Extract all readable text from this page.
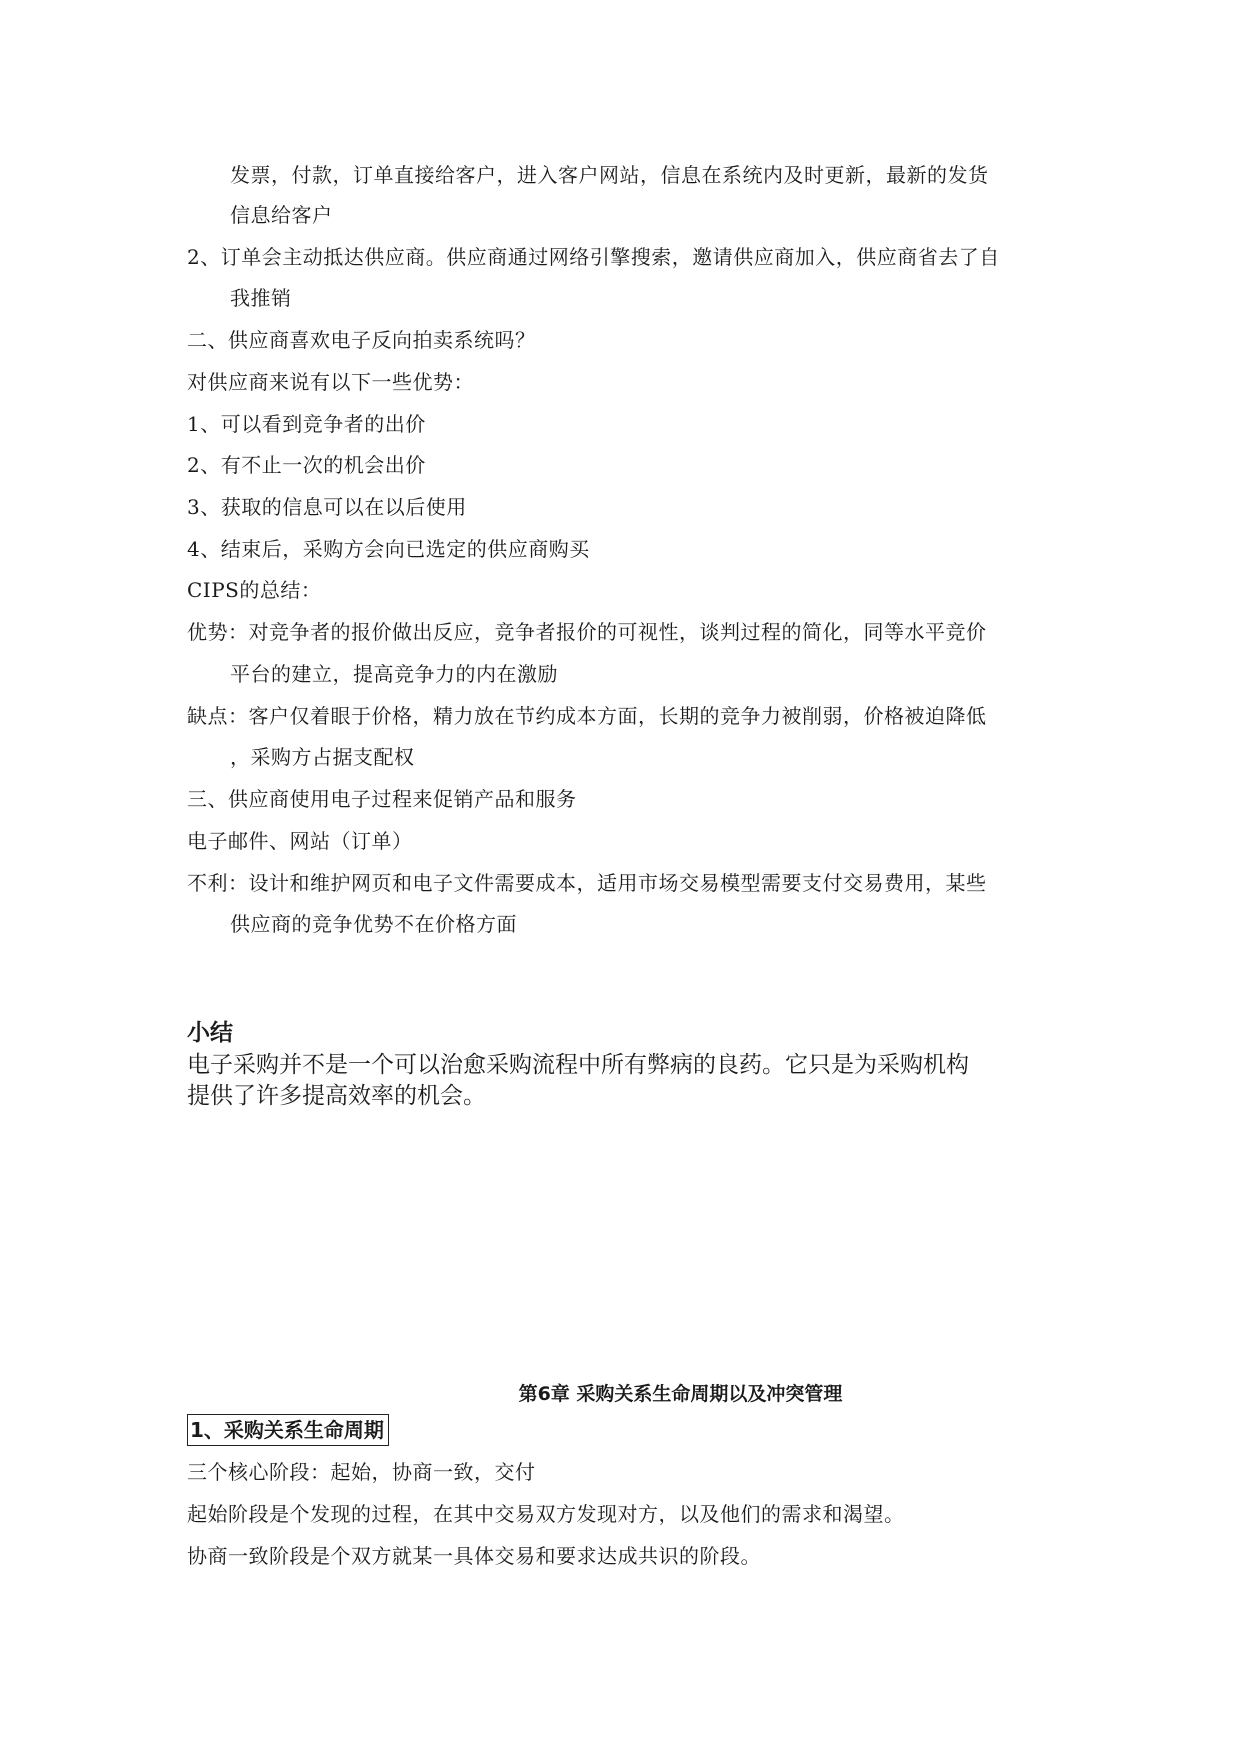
发票，付款，订单直接给客户，进入客户网站，信息在系统内及时更新，最新的发货
信息给客户
2、订单会主动抵达供应商。供应商通过网络引擎搜索，邀请供应商加入，供应商省去了自
我推销
二、供应商喜欢电子反向拍卖系统吗？
对供应商来说有以下一些优势：
1、可以看到竞争者的出价
2、有不止一次的机会出价
3、获取的信息可以在以后使用
4、结束后，采购方会向已选定的供应商购买
CIPS的总结：
优势：对竞争者的报价做出反应，竞争者报价的可视性，谈判过程的简化，同等水平竞价
平台的建立，提高竞争力的内在激励
缺点：客户仅着眼于价格，精力放在节约成本方面，长期的竞争力被削弱，价格被迫降低
，采购方占据支配权
三、供应商使用电子过程来促销产品和服务
电子邮件、网站（订单）
不利：设计和维护网页和电子文件需要成本，适用市场交易模型需要支付交易费用，某些
供应商的竞争优势不在价格方面
小结
电子采购并不是一个可以治愈采购流程中所有弊病的良药。它只是为采购机构
提供了许多提高效率的机会。
第6章 采购关系生命周期以及冲突管理
1、采购关系生命周期
三个核心阶段：起始，协商一致，交付
起始阶段是个发现的过程，在其中交易双方发现对方，以及他们的需求和渴望。
协商一致阶段是个双方就某一具体交易和要求达成共识的阶段。
